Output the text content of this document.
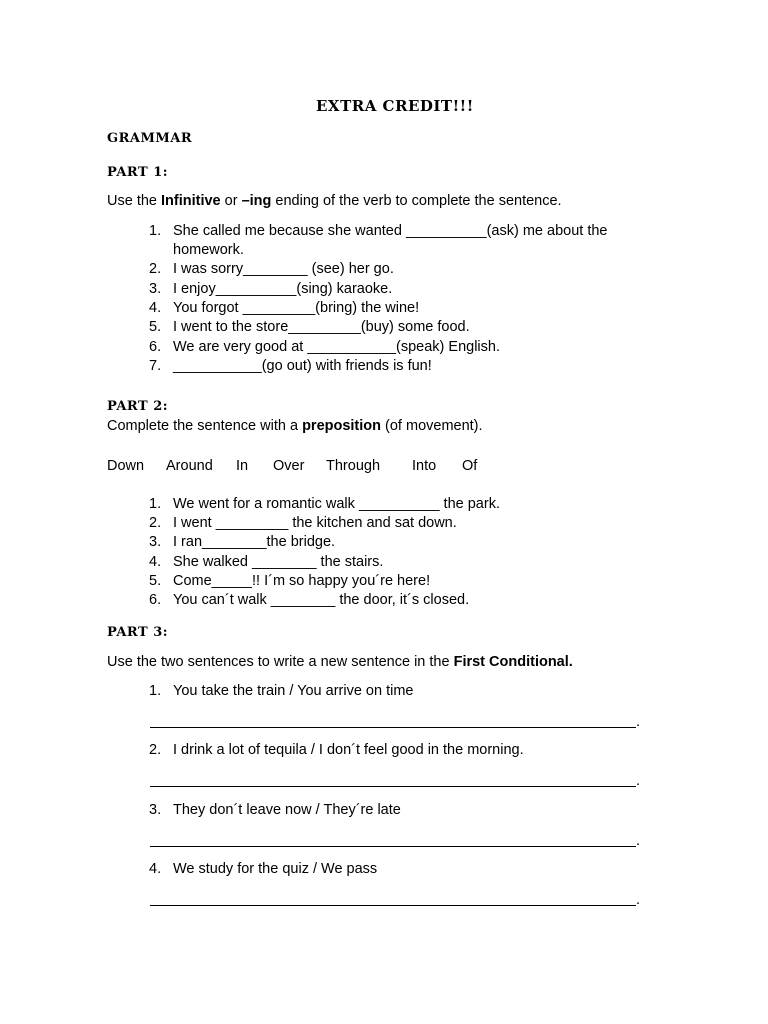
EXTRA CREDIT!!!
GRAMMAR
PART 1:
Use the Infinitive or –ing ending of the verb to complete the sentence.
1. She called me because she wanted __________(ask) me about the
homework.
2. I was sorry________ (see) her go.
3. I enjoy__________(sing) karaoke.
4. You forgot _________(bring) the wine!
5. I went to the store_________(buy) some food.
6. We are very good at ___________(speak) English.
7. ___________(go out) with friends is fun!
PART 2:
Complete the sentence with a preposition (of movement).
Down Around In Over Through Into Of
1. We went for a romantic walk __________ the park.
2. I went _________ the kitchen and sat down.
3. I ran________the bridge.
4. She walked ________ the stairs.
5. Come_____!! I´m so happy you´re here!
6. You can´t walk ________ the door, it´s closed.
PART 3:
Use the two sentences to write a new sentence in the First Conditional.
1. You take the train / You arrive on time
.
2. I drink a lot of tequila / I don´t feel good in the morning.
.
3. They don´t leave now / They´re late
.
4. We study for the quiz / We pass
.
